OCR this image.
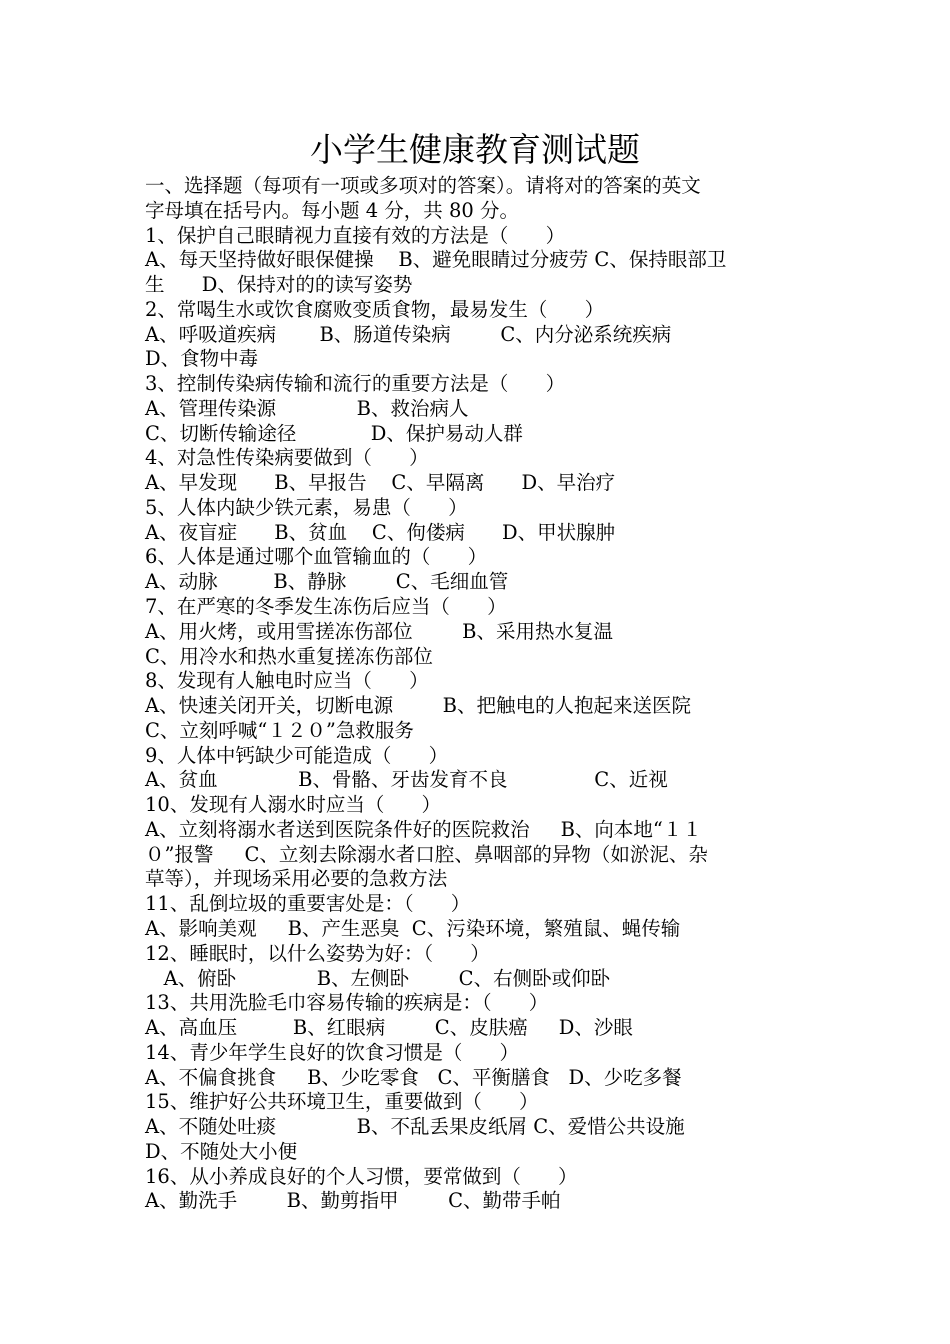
小学生健康教育测试题
一、选择题（每项有一项或多项对的答案）。请将对的答案的英文
字母填在括号内。每小题 4 分，共 80 分。
1、保护自己眼睛视力直接有效的方法是（      ）
A、每天坚持做好眼保健操    B、避免眼睛过分疲劳 C、保持眼部卫
生      D、保持对的的读写姿势
2、常喝生水或饮食腐败变质食物，最易发生（      ）
A、呼吸道疾病       B、肠道传染病        C、内分泌系统疾病
D、食物中毒
3、控制传染病传输和流行的重要方法是（      ）
A、管理传染源             B、救治病人
C、切断传输途径            D、保护易动人群
4、对急性传染病要做到（      ）
A、早发现      B、早报告    C、早隔离      D、早治疗
5、人体内缺少铁元素，易患（      ）
A、夜盲症      B、贫血    C、佝偻病      D、甲状腺肿
6、人体是通过哪个血管输血的（      ）
A、动脉         B、静脉        C、毛细血管
7、在严寒的冬季发生冻伤后应当（      ）
A、用火烤，或用雪搓冻伤部位        B、采用热水复温
C、用冷水和热水重复搓冻伤部位
8、发现有人触电时应当（      ）
A、快速关闭开关，切断电源        B、把触电的人抱起来送医院
C、立刻呼喊“１２０”急救服务
9、人体中钙缺少可能造成（      ）
A、贫血             B、骨骼、牙齿发育不良              C、近视
10、发现有人溺水时应当（      ）
A、立刻将溺水者送到医院条件好的医院救治     B、向本地“１１
０”报警     C、立刻去除溺水者口腔、鼻咽部的异物（如淤泥、杂
草等），并现场采用必要的急救方法
11、乱倒垃圾的重要害处是：（      ）
A、影响美观     B、产生恶臭  C、污染环境，繁殖鼠、蝇传输
12、睡眠时，以什么姿势为好：（      ）
A、俯卧             B、左侧卧        C、右侧卧或仰卧
13、共用洗脸毛巾容易传输的疾病是：（      ）
A、高血压         B、红眼病        C、皮肤癌     D、沙眼
14、青少年学生良好的饮食习惯是（      ）
A、不偏食挑食     B、少吃零食   C、平衡膳食   D、少吃多餐
15、维护好公共环境卫生，重要做到（      ）
A、不随处吐痰             B、不乱丢果皮纸屑 C、爱惜公共设施
D、不随处大小便
16、从小养成良好的个人习惯，要常做到（      ）
A、勤洗手        B、勤剪指甲        C、勤带手帕
